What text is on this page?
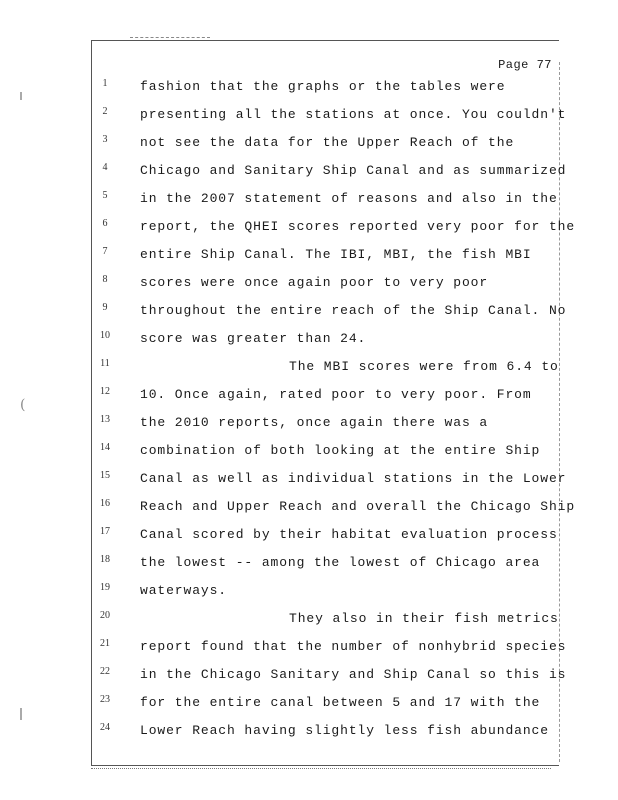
(
Page 77
1	fashion that the graphs or the tables were
2	presenting all the stations at once. You couldn't
3	not see the data for the Upper Reach of the
4	Chicago and Sanitary Ship Canal and as summarized
5	in the 2007 statement of reasons and also in the
6	report, the QHEI scores reported very poor for the
7	entire Ship Canal. The IBI, MBI, the fish MBI
8	scores were once again poor to very poor
9	throughout the entire reach of the Ship Canal. No
10	score was greater than 24.
11	The MBI scores were from 6.4 to
12	10. Once again, rated poor to very poor. From
13	the 2010 reports, once again there was a
14	combination of both looking at the entire Ship
15	Canal as well as individual stations in the Lower
16	Reach and Upper Reach and overall the Chicago Ship
17	Canal scored by their habitat evaluation process
18	the lowest -- among the lowest of Chicago area
19	waterways.
20	They also in their fish metrics
21	report found that the number of nonhybrid species
22	in the Chicago Sanitary and Ship Canal so this is
23	for the entire canal between 5 and 17 with the
24	Lower Reach having slightly less fish abundance
